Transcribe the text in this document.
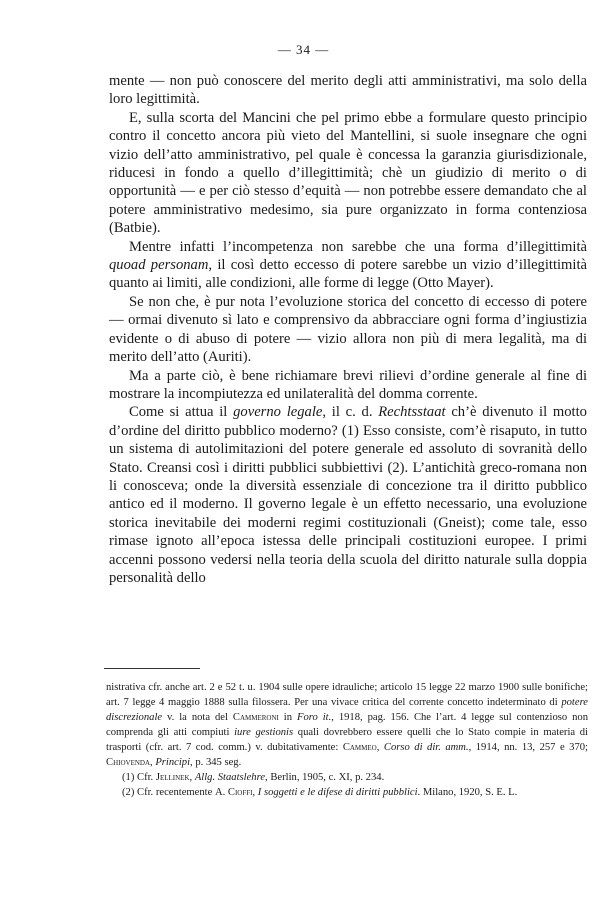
— 34 —

mente — non può conoscere del merito degli atti amministrativi, ma solo della loro legittimità.

E, sulla scorta del Mancini che pel primo ebbe a formulare questo principio contro il concetto ancora più vieto del Mantellini, si suole insegnare che ogni vizio dell’atto amministrativo, pel quale è concessa la garanzia giurisdizionale, riducesi in fondo a quello d’illegittimità; chè un giudizio di merito o di opportunità — e per ciò stesso d’equità — non potrebbe essere demandato che al potere amministrativo medesimo, sia pure organizzato in forma contenziosa (Batbie).

Mentre infatti l’incompetenza non sarebbe che una forma d’illegittimità quoad personam, il così detto eccesso di potere sarebbe un vizio d’illegittimità quanto ai limiti, alle condizioni, alle forme di legge (Otto Mayer).

Se non che, è pur nota l’evoluzione storica del concetto di eccesso di potere — ormai divenuto sì lato e comprensivo da abbracciare ogni forma d’ingiustizia evidente o di abuso di potere — vizio allora non più di mera legalità, ma di merito dell’atto (Auriti).

Ma a parte ciò, è bene richiamare brevi rilievi d’ordine generale al fine di mostrare la incompiutezza ed unilateralità del domma corrente.

Come si attua il governo legale, il c. d. Rechtsstaat ch’è divenuto il motto d’ordine del diritto pubblico moderno? (1) Esso consiste, com’è risaputo, in tutto un sistema di autolimitazioni del potere generale ed assoluto di sovranità dello Stato. Creansi così i diritti pubblici subbiettivi (2). L’antichità greco-romana non li conosceva; onde la diversità essenziale di concezione tra il diritto pubblico antico ed il moderno. Il governo legale è un effetto necessario, una evoluzione storica inevitabile dei moderni regimi costituzionali (Gneist); come tale, esso rimase ignoto all’epoca istessa delle principali costituzioni europee. I primi accenni possono vedersi nella teoria della scuola del diritto naturale sulla doppia personalità dello

nistrativa cfr. anche art. 2 e 52 t. u. 1904 sulle opere idrauliche; articolo 15 legge 22 marzo 1900 sulle bonifiche; art. 7 legge 4 maggio 1888 sulla filossera. Per una vivace critica del corrente concetto indeterminato di potere discrezionale v. la nota del Cammeroni in Foro it., 1918, pag. 156. Che l’art. 4 legge sul contenzioso non comprenda gli atti compiuti iure gestionis quali dovrebbero essere quelli che lo Stato compie in materia di trasporti (cfr. art. 7 cod. comm.) v. dubitativamente: Cammeo, Corso di dir. amm., 1914, nn. 13, 257 e 370; Chiovenda, Principi, p. 345 seg.

(1) Cfr. Jellinek, Allg. Staatslehre, Berlin, 1905, c. XI, p. 234.

(2) Cfr. recentemente A. Cioffi, I soggetti e le difese di diritti pubblici. Milano, 1920, S. E. L.
